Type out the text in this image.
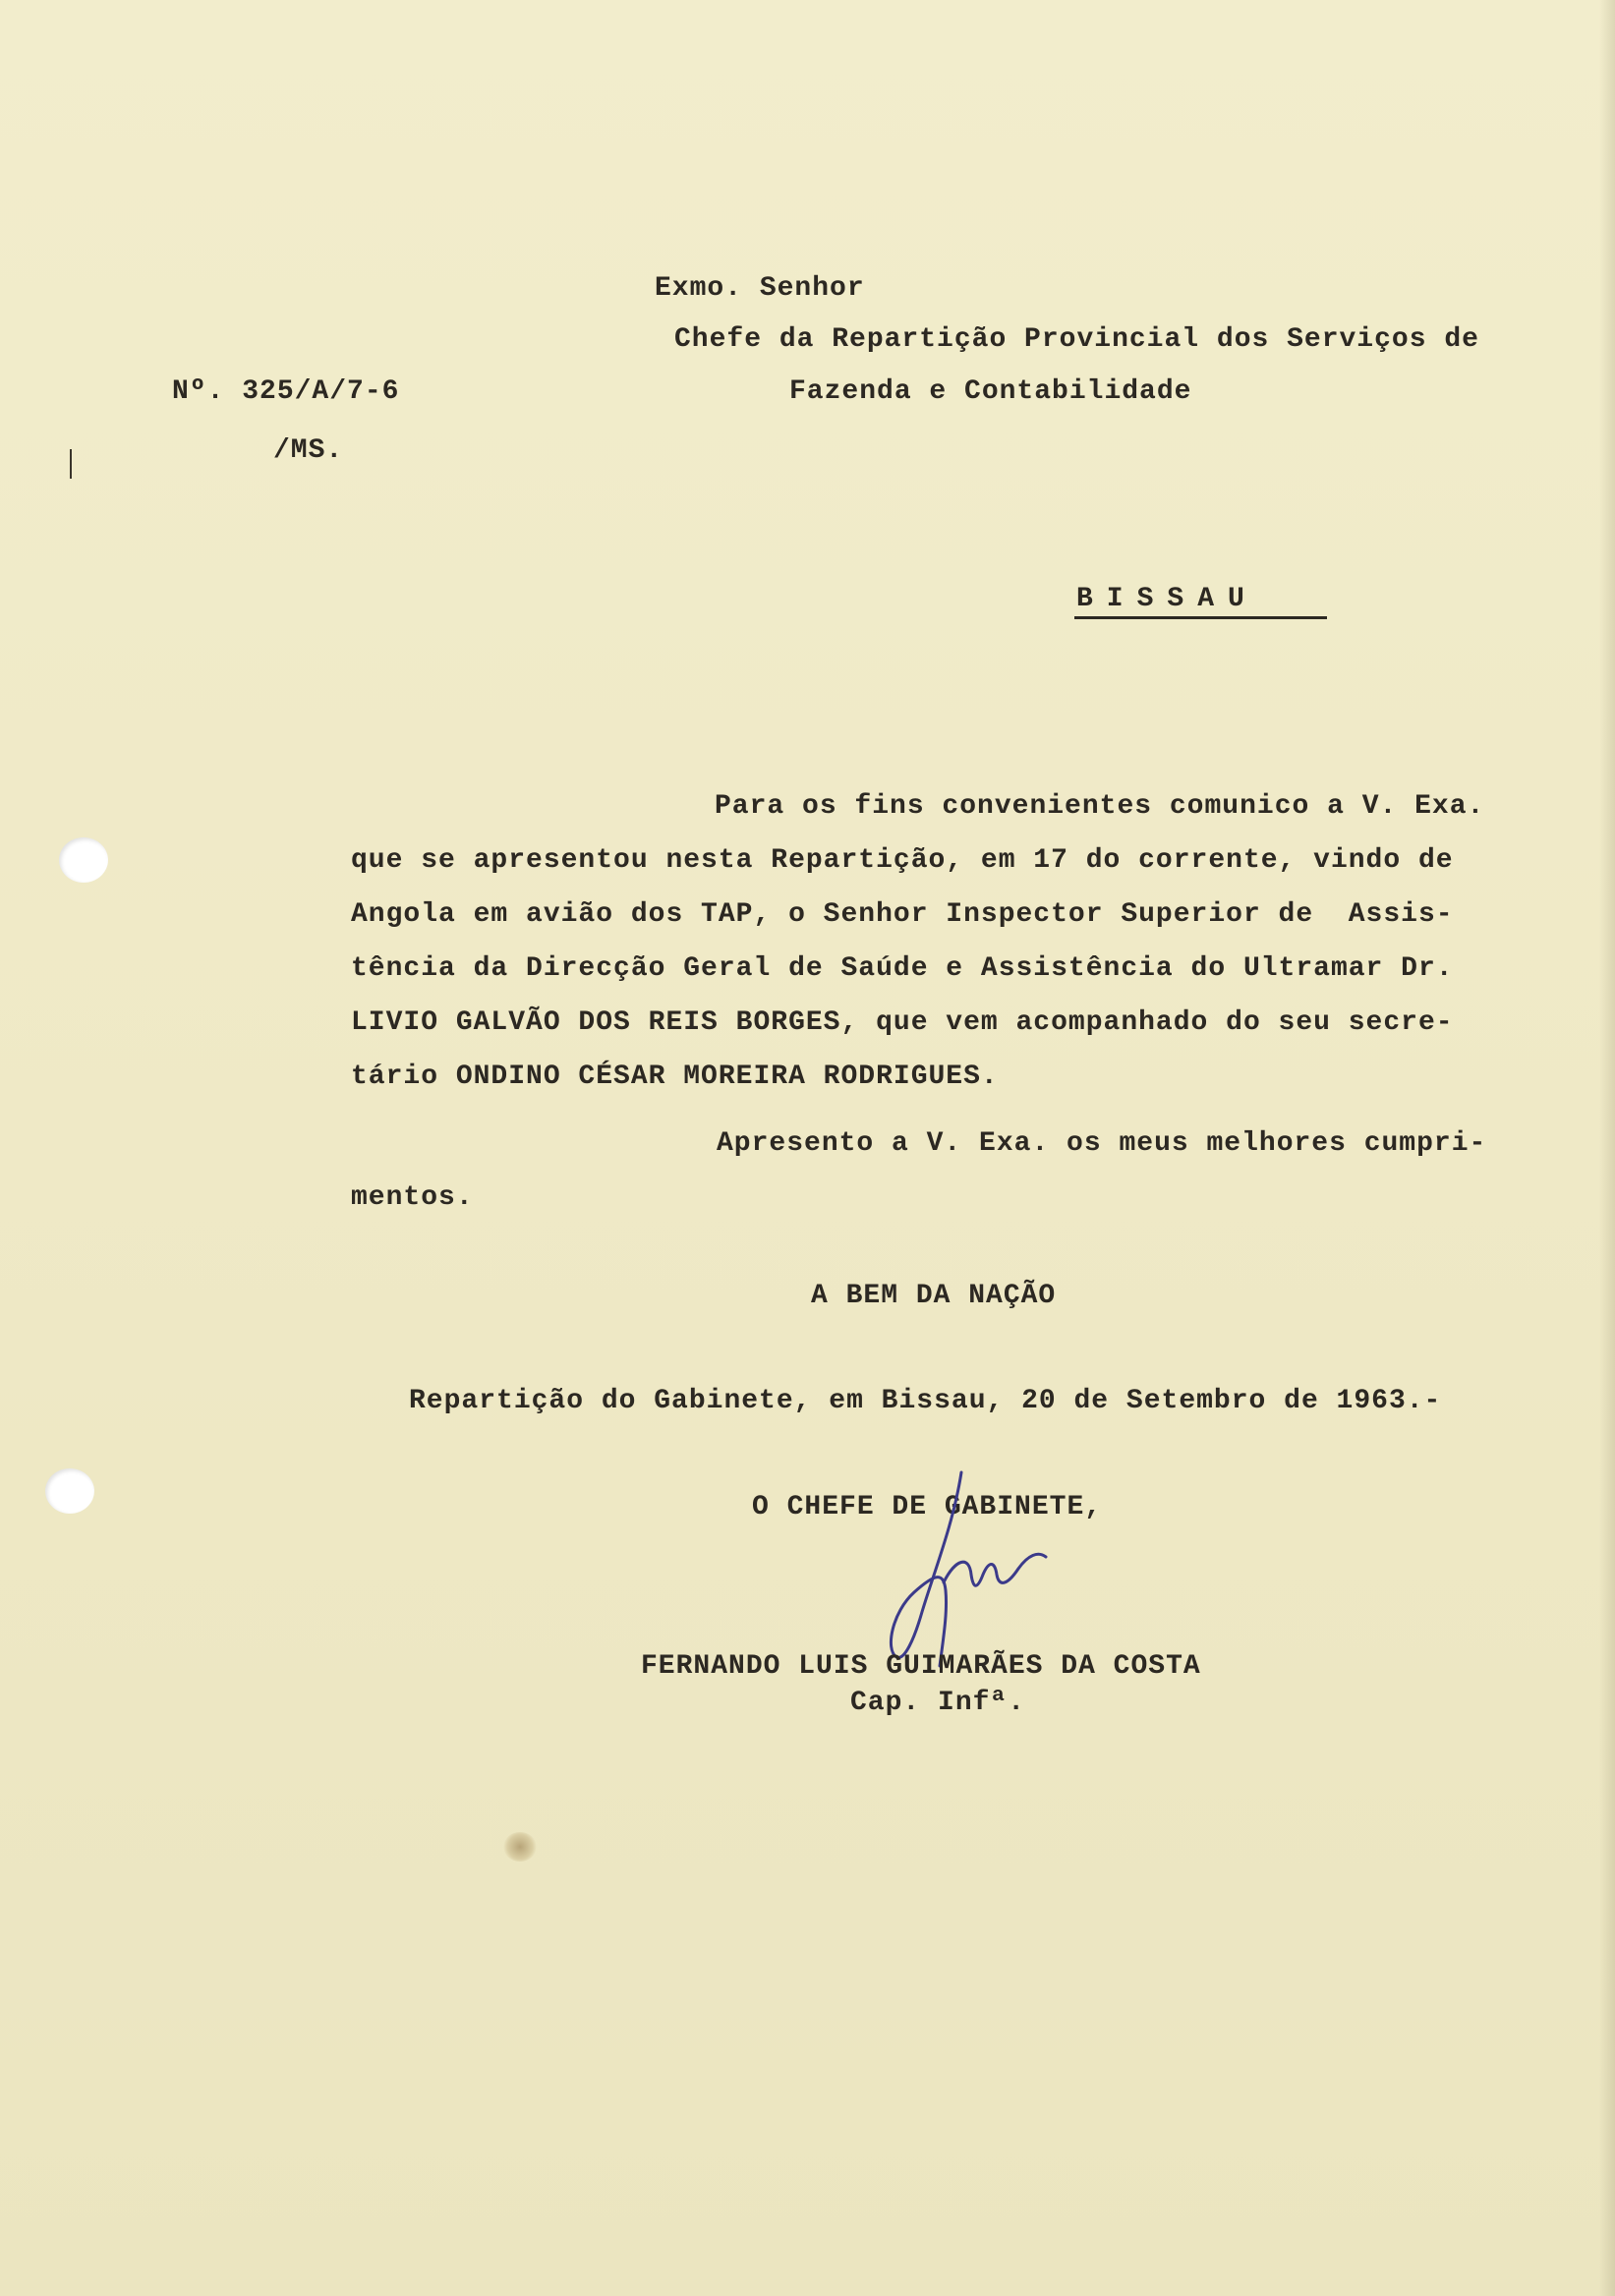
Exmo. Senhor
Chefe da Repartição Provincial dos Serviços de
Fazenda e Contabilidade
Nº. 325/A/7-6
/MS.
BISSAU
Para os fins convenientes comunico a V. Exa.
que se apresentou nesta Repartição, em 17 do corrente, vindo de
Angola em avião dos TAP, o Senhor Inspector Superior de  Assis-
tência da Direcção Geral de Saúde e Assistência do Ultramar Dr.
LIVIO GALVÃO DOS REIS BORGES, que vem acompanhado do seu secre-
tário ONDINO CÉSAR MOREIRA RODRIGUES.
Apresento a V. Exa. os meus melhores cumpri-
mentos.
A BEM DA NAÇÃO
Repartição do Gabinete, em Bissau, 20 de Setembro de 1963.-
O CHEFE DE GABINETE,
FERNANDO LUIS GUIMARÃES DA COSTA
Cap. Infª.
